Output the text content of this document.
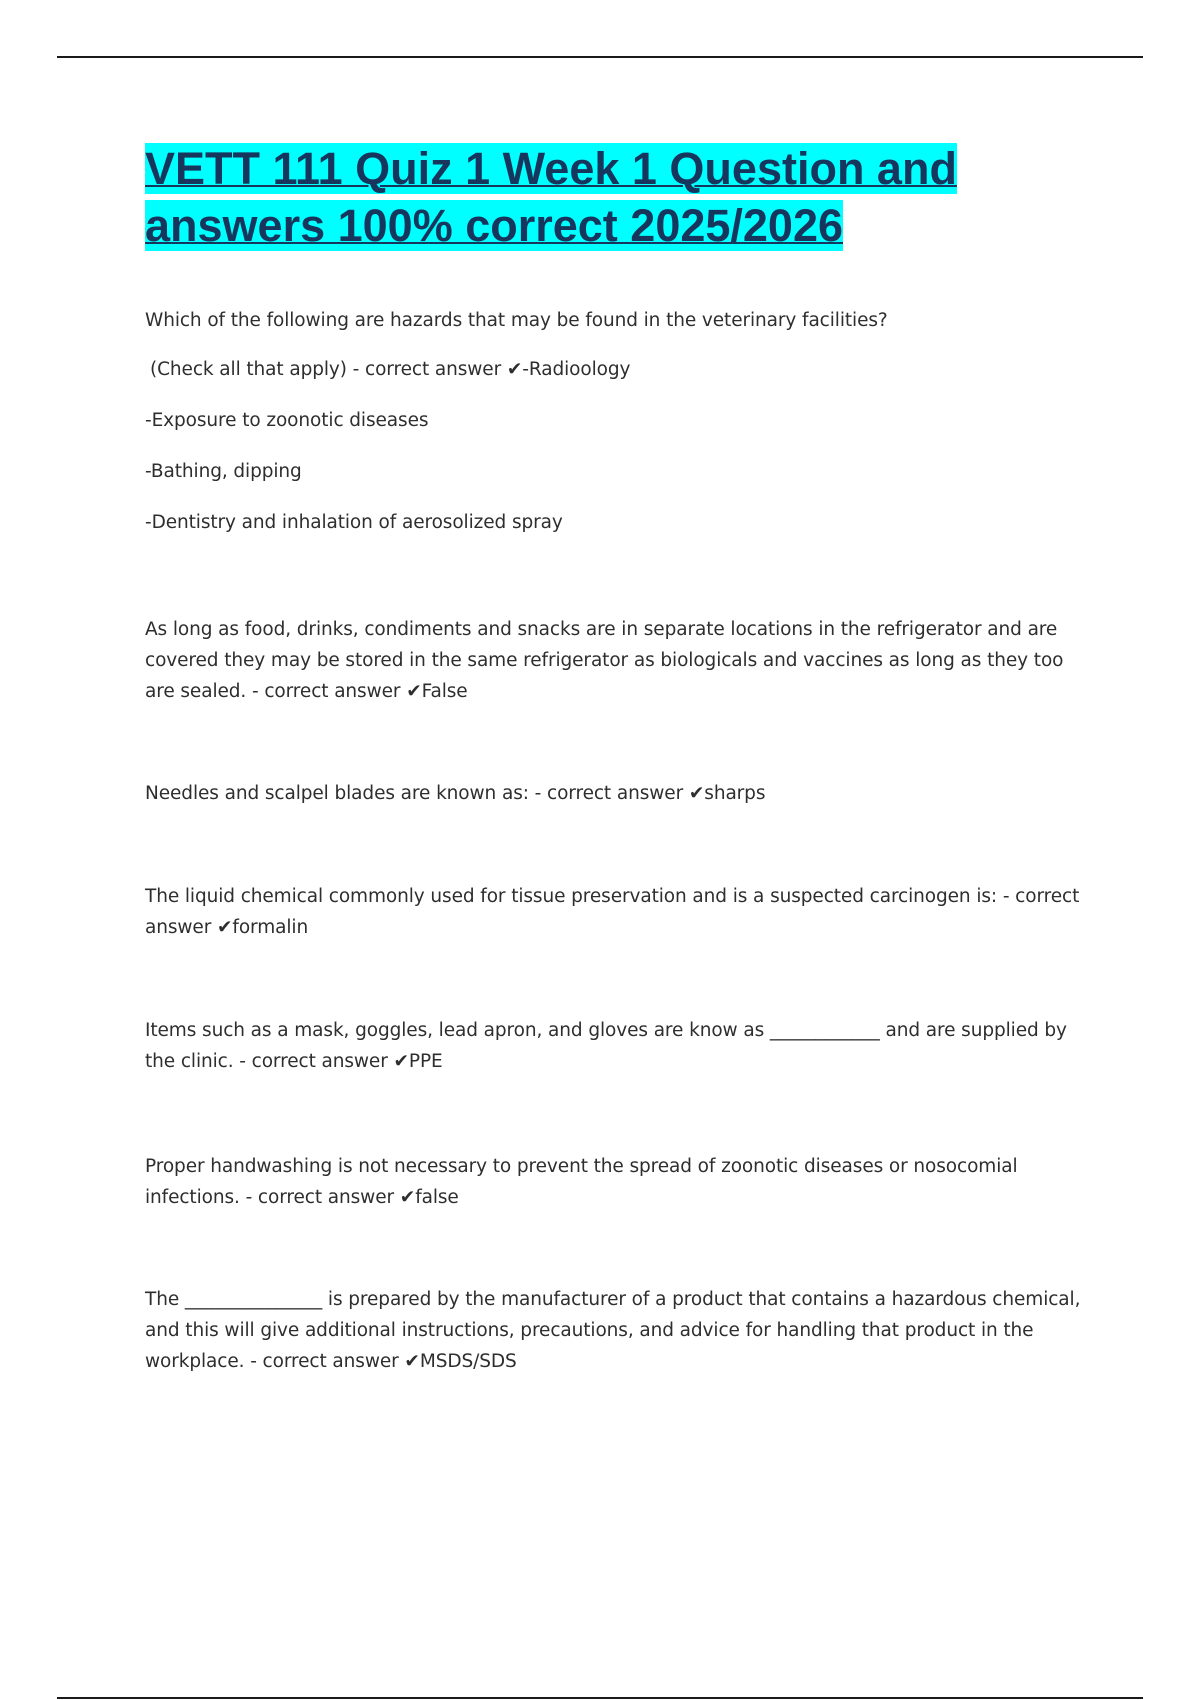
VETT 111 Quiz 1 Week 1 Question and answers 100% correct 2025/2026

Which of the following are hazards that may be found in the veterinary facilities?

(Check all that apply) - correct answer ✔-Radioology

-Exposure to zoonotic diseases

-Bathing, dipping

-Dentistry and inhalation of aerosolized spray

As long as food, drinks, condiments and snacks are in separate locations in the refrigerator and are covered they may be stored in the same refrigerator as biologicals and vaccines as long as they too are sealed. - correct answer ✔False

Needles and scalpel blades are known as: - correct answer ✔sharps

The liquid chemical commonly used for tissue preservation and is a suspected carcinogen is: - correct answer ✔formalin

Items such as a mask, goggles, lead apron, and gloves are know as ____________ and are supplied by the clinic. - correct answer ✔PPE

Proper handwashing is not necessary to prevent the spread of zoonotic diseases or nosocomial infections. - correct answer ✔false

The _______________ is prepared by the manufacturer of a product that contains a hazardous chemical, and this will give additional instructions, precautions, and advice for handling that product in the workplace. - correct answer ✔MSDS/SDS
